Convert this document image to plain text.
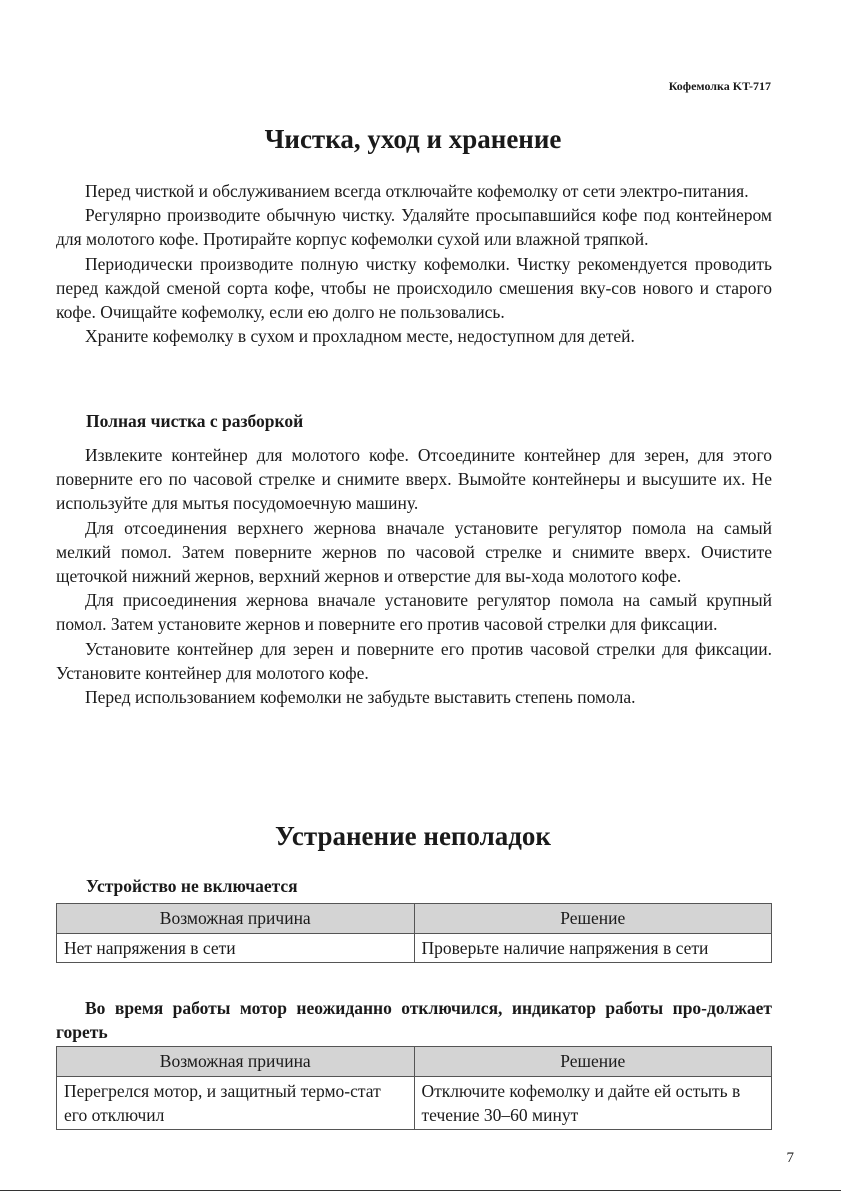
Кофемолка KT-717
Чистка, уход и хранение

Перед чисткой и обслуживанием всегда отключайте кофемолку от сети электро-питания.

Регулярно производите обычную чистку. Удаляйте просыпавшийся кофе под контейнером для молотого кофе. Протирайте корпус кофемолки сухой или влажной тряпкой.

Периодически производите полную чистку кофемолки. Чистку рекомендуется проводить перед каждой сменой сорта кофе, чтобы не происходило смешения вку-сов нового и старого кофе. Очищайте кофемолку, если ею долго не пользовались.

Храните кофемолку в сухом и прохладном месте, недоступном для детей.

Полная чистка с разборкой

Извлеките контейнер для молотого кофе. Отсоедините контейнер для зерен, для этого поверните его по часовой стрелке и снимите вверх. Вымойте контейнеры и высушите их. Не используйте для мытья посудомоечную машину.

Для отсоединения верхнего жернова вначале установите регулятор помола на самый мелкий помол. Затем поверните жернов по часовой стрелке и снимите вверх. Очистите щеточкой нижний жернов, верхний жернов и отверстие для вы-хода молотого кофе.

Для присоединения жернова вначале установите регулятор помола на самый крупный помол. Затем установите жернов и поверните его против часовой стрелки для фиксации.

Установите контейнер для зерен и поверните его против часовой стрелки для фиксации. Установите контейнер для молотого кофе.

Перед использованием кофемолки не забудьте выставить степень помола.

Устранение неполадок
Устройство не включается
Возможная причина	Решение
Нет напряжения в сети	Проверьте наличие напряжения в сети
Во время работы мотор неожиданно отключился, индикатор работы про-должает гореть
Возможная причина	Решение
Перегрелся мотор, и защитный термо-стат его отключил	Отключите кофемолку и дайте ей остыть в течение 30–60 минут
7
